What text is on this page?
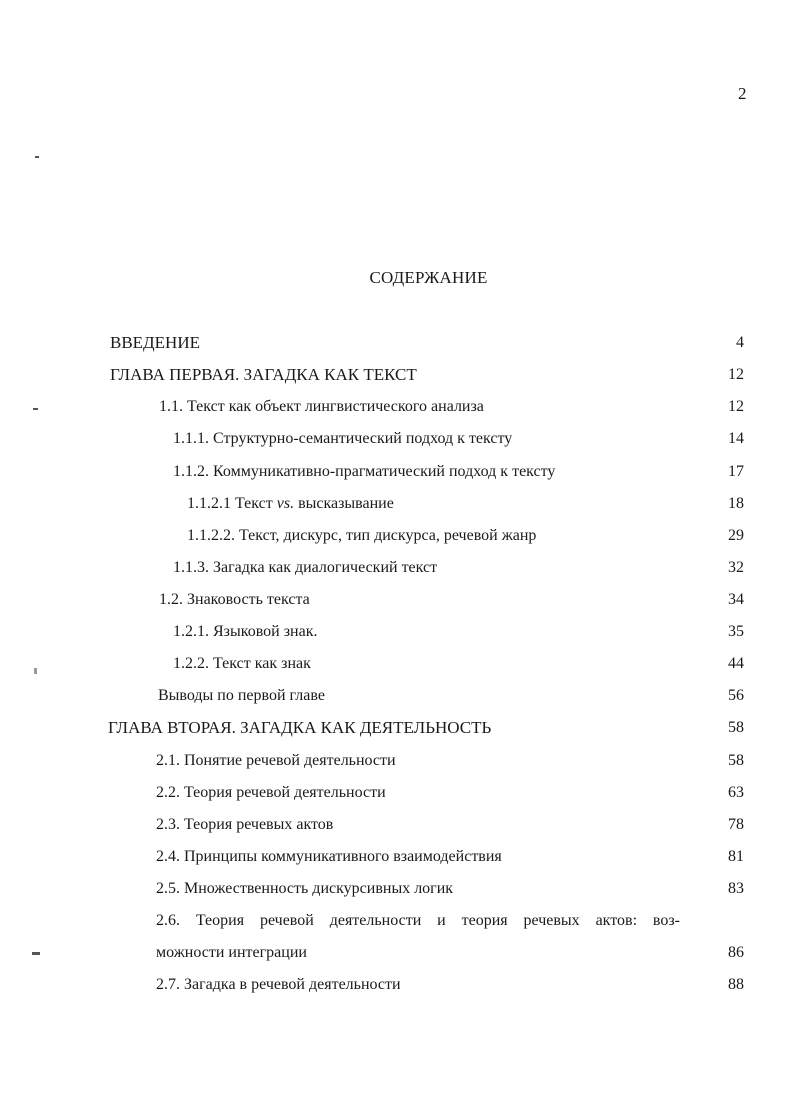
2
СОДЕРЖАНИЕ
ВВЕДЕНИЕ	4
ГЛАВА ПЕРВАЯ. ЗАГАДКА КАК ТЕКСТ	12
1.1. Текст как объект лингвистического анализа	12
1.1.1. Структурно-семантический подход к тексту	14
1.1.2. Коммуникативно-прагматический подход к тексту	17
1.1.2.1 Текст vs. высказывание	18
1.1.2.2. Текст, дискурс, тип дискурса, речевой жанр	29
1.1.3. Загадка как диалогический текст	32
1.2. Знаковость текста	34
1.2.1. Языковой знак.	35
1.2.2. Текст как знак	44
Выводы по первой главе	56
ГЛАВА ВТОРАЯ. ЗАГАДКА КАК ДЕЯТЕЛЬНОСТЬ	58
2.1. Понятие речевой деятельности	58
2.2. Теория речевой деятельности	63
2.3. Теория речевых актов	78
2.4. Принципы коммуникативного взаимодействия	81
2.5. Множественность дискурсивных логик	83
2.6. Теория речевой деятельности и теория речевых актов: воз-
можности интеграции	86
2.7. Загадка в речевой деятельности	88
